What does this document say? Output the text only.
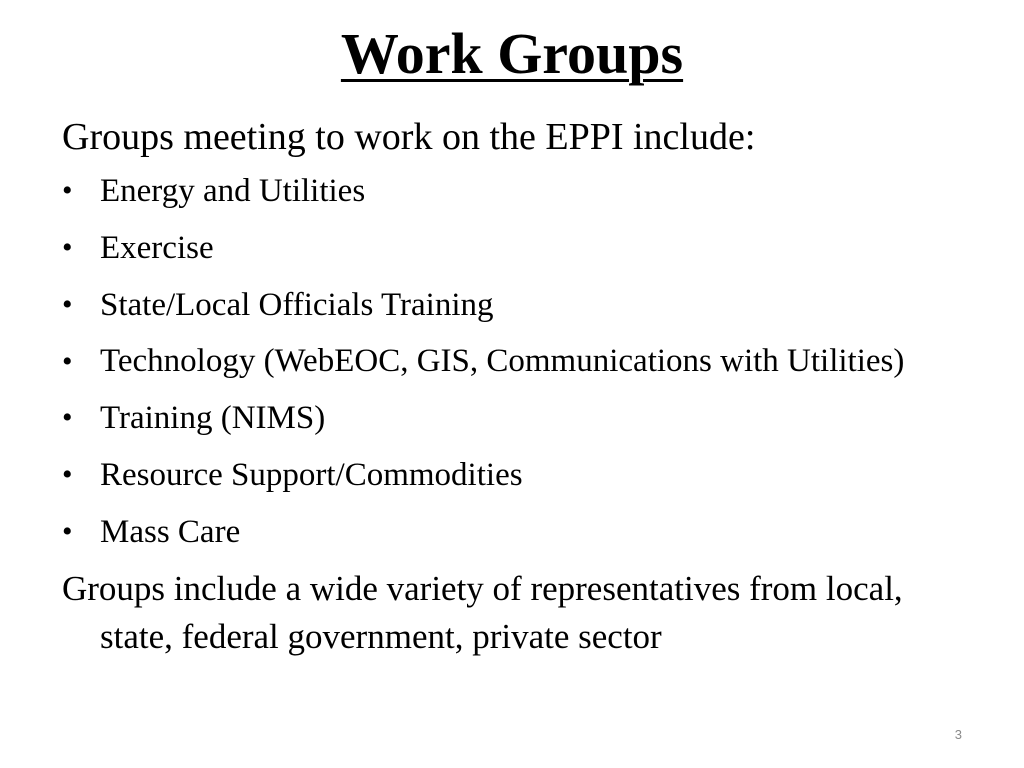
Work Groups

Groups meeting to work on the EPPI include:

• Energy and Utilities
• Exercise
• State/Local Officials Training
• Technology (WebEOC, GIS, Communications with Utilities)
• Training (NIMS)
• Resource Support/Commodities
• Mass Care

Groups include a wide variety of representatives from local, state, federal government, private sector

3
